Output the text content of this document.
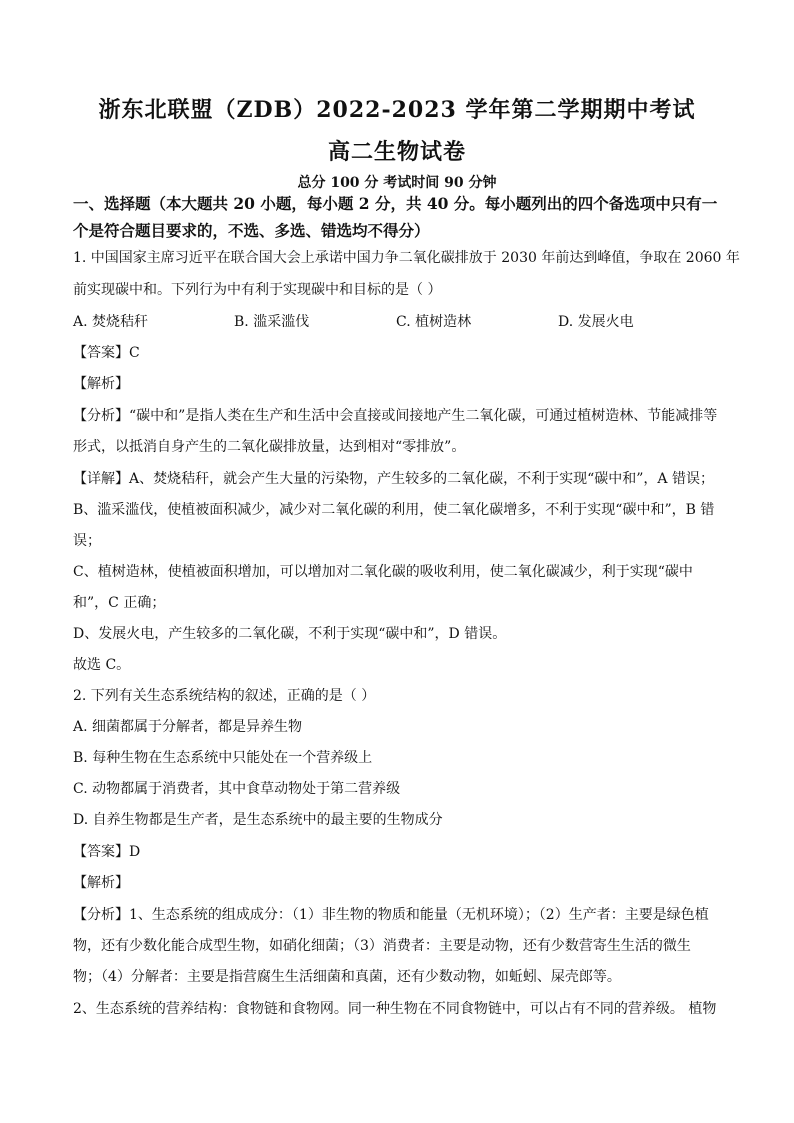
浙东北联盟（ZDB）2022-2023 学年第二学期期中考试
高二生物试卷
总分 100 分 考试时间 90 分钟
一、选择题（本大题共 20 小题，每小题 2 分，共 40 分。每小题列出的四个备选项中只有一
个是符合题目要求的，不选、多选、错选均不得分）
1. 中国国家主席习近平在联合国大会上承诺中国力争二氧化碳排放于 2030 年前达到峰值，争取在 2060 年
前实现碳中和。下列行为中有利于实现碳中和目标的是（ ）
A. 焚烧秸秆	B. 滥采滥伐	C. 植树造林	D. 发展火电
【答案】C
【解析】
【分析】“碳中和”是指人类在生产和生活中会直接或间接地产生二氧化碳，可通过植树造林、节能减排等
形式，以抵消自身产生的二氧化碳排放量，达到相对“零排放”。
【详解】A、焚烧秸秆，就会产生大量的污染物，产生较多的二氧化碳，不利于实现“碳中和”，A 错误；
B、滥采滥伐，使植被面积减少，减少对二氧化碳的利用，使二氧化碳增多，不利于实现“碳中和”，B 错
误；
C、植树造林，使植被面积增加，可以增加对二氧化碳的吸收利用，使二氧化碳减少，利于实现“碳中
和”，C 正确；
D、发展火电，产生较多的二氧化碳，不利于实现“碳中和”，D 错误。
故选 C。
2. 下列有关生态系统结构的叙述，正确的是（ ）
A. 细菌都属于分解者，都是异养生物
B. 每种生物在生态系统中只能处在一个营养级上
C. 动物都属于消费者，其中食草动物处于第二营养级
D. 自养生物都是生产者，是生态系统中的最主要的生物成分
【答案】D
【解析】
【分析】1、生态系统的组成成分：（1）非生物的物质和能量（无机环境）；（2）生产者：主要是绿色植
物，还有少数化能合成型生物，如硝化细菌；（3）消费者：主要是动物，还有少数营寄生生活的微生
物；（4）分解者：主要是指营腐生生活细菌和真菌，还有少数动物，如蚯蚓、屎壳郎等。
2、生态系统的营养结构：食物链和食物网。同一种生物在不同食物链中，可以占有不同的营养级。 植物
